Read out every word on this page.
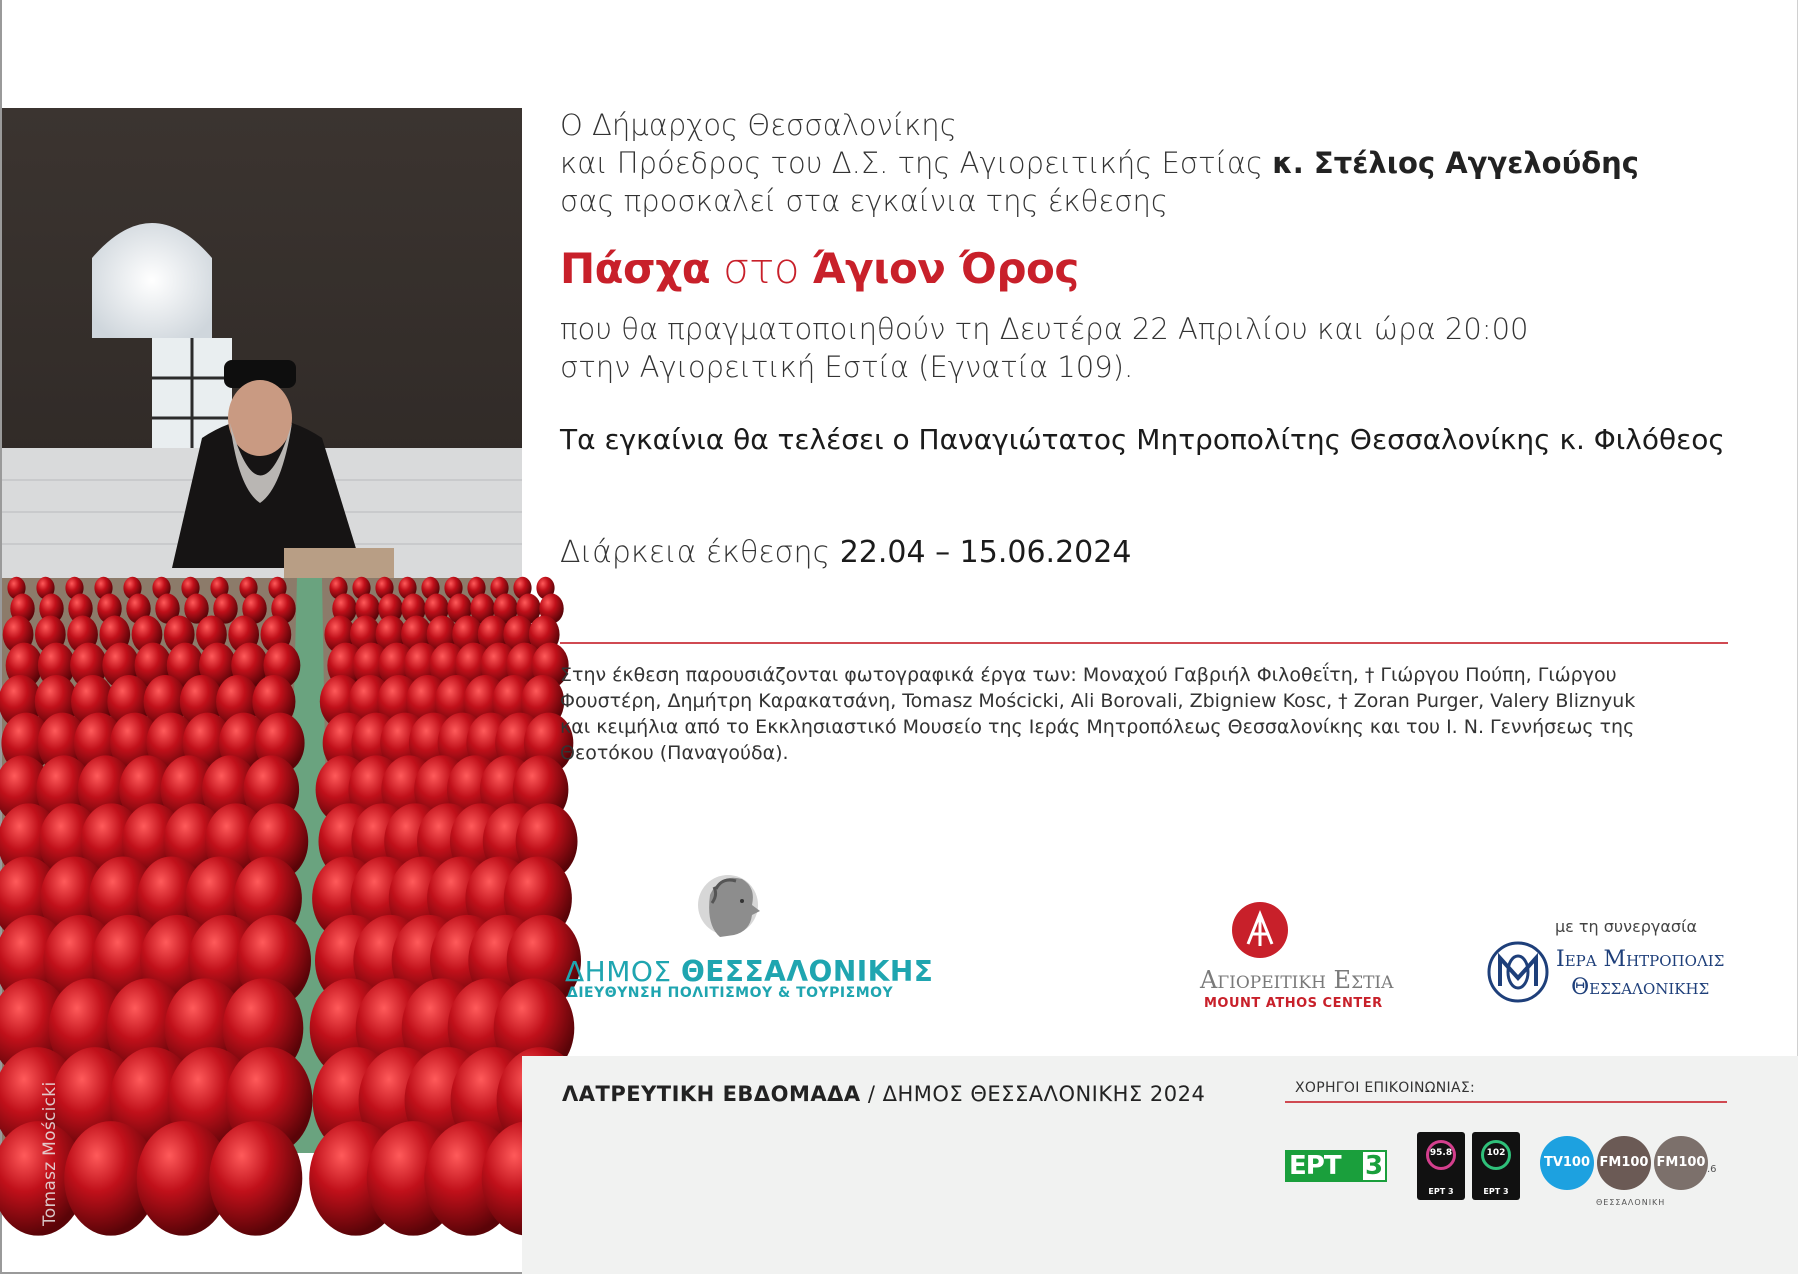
Tomasz Mościcki
Ο Δήμαρχος Θεσσαλονίκης
και Πρόεδρος του Δ.Σ. της Αγιορειτικής Εστίας κ. Στέλιος Αγγελούδης
σας προσκαλεί στα εγκαίνια της έκθεσης
Πάσχα στο Άγιον Όρος
που θα πραγματοποιηθούν τη Δευτέρα 22 Απριλίου και ώρα 20:00
στην Αγιορειτική Εστία (Εγνατία 109).
Τα εγκαίνια θα τελέσει ο Παναγιώτατος Μητροπολίτης Θεσσαλονίκης κ. Φιλόθεος
Διάρκεια έκθεσης 22.04 – 15.06.2024
Στην έκθεση παρουσιάζονται φωτογραφικά έργα των: Μοναχού Γαβριήλ Φιλοθεΐτη, † Γιώργου Πούπη, Γιώργου Φουστέρη, Δημήτρη Καρακατσάνη, Tomasz Mościcki, Ali Borovali, Zbigniew Kosc, † Zoran Purger, Valery Bliznyuk και κειμήλια από το Εκκλησιαστικό Μουσείο της Ιεράς Μητροπόλεως Θεσσαλονίκης και του Ι. Ν. Γεννήσεως της Θεοτόκου (Παναγούδα).
ΔΗΜΟΣ ΘΕΣΣΑΛΟΝΙΚΗΣ
ΔΙΕΥΘΥΝΣΗ ΠΟΛΙΤΙΣΜΟΥ & ΤΟΥΡΙΣΜΟΥ	Αγιορειτικη Εστια
MOUNT ATHOS CENTER
με τη συνεργασία
Ιερα Μητροπολις
Θεσσαλονικης
ΛΑΤΡΕΥΤΙΚΗ ΕΒΔΟΜΑΔΑ / ΔΗΜΟΣ ΘΕΣΣΑΛΟΝΙΚΗΣ 2024	ΧΟΡΗΓΟΙ ΕΠΙΚΟΙΝΩΝΙΑΣ:
ΕΡΤ 3	95.8
ΕΡΤ 3
102
ΕΡΤ 3
TV100 FM100 FM100 .6
ΘΕΣΣΑΛΟΝΙΚΗ
